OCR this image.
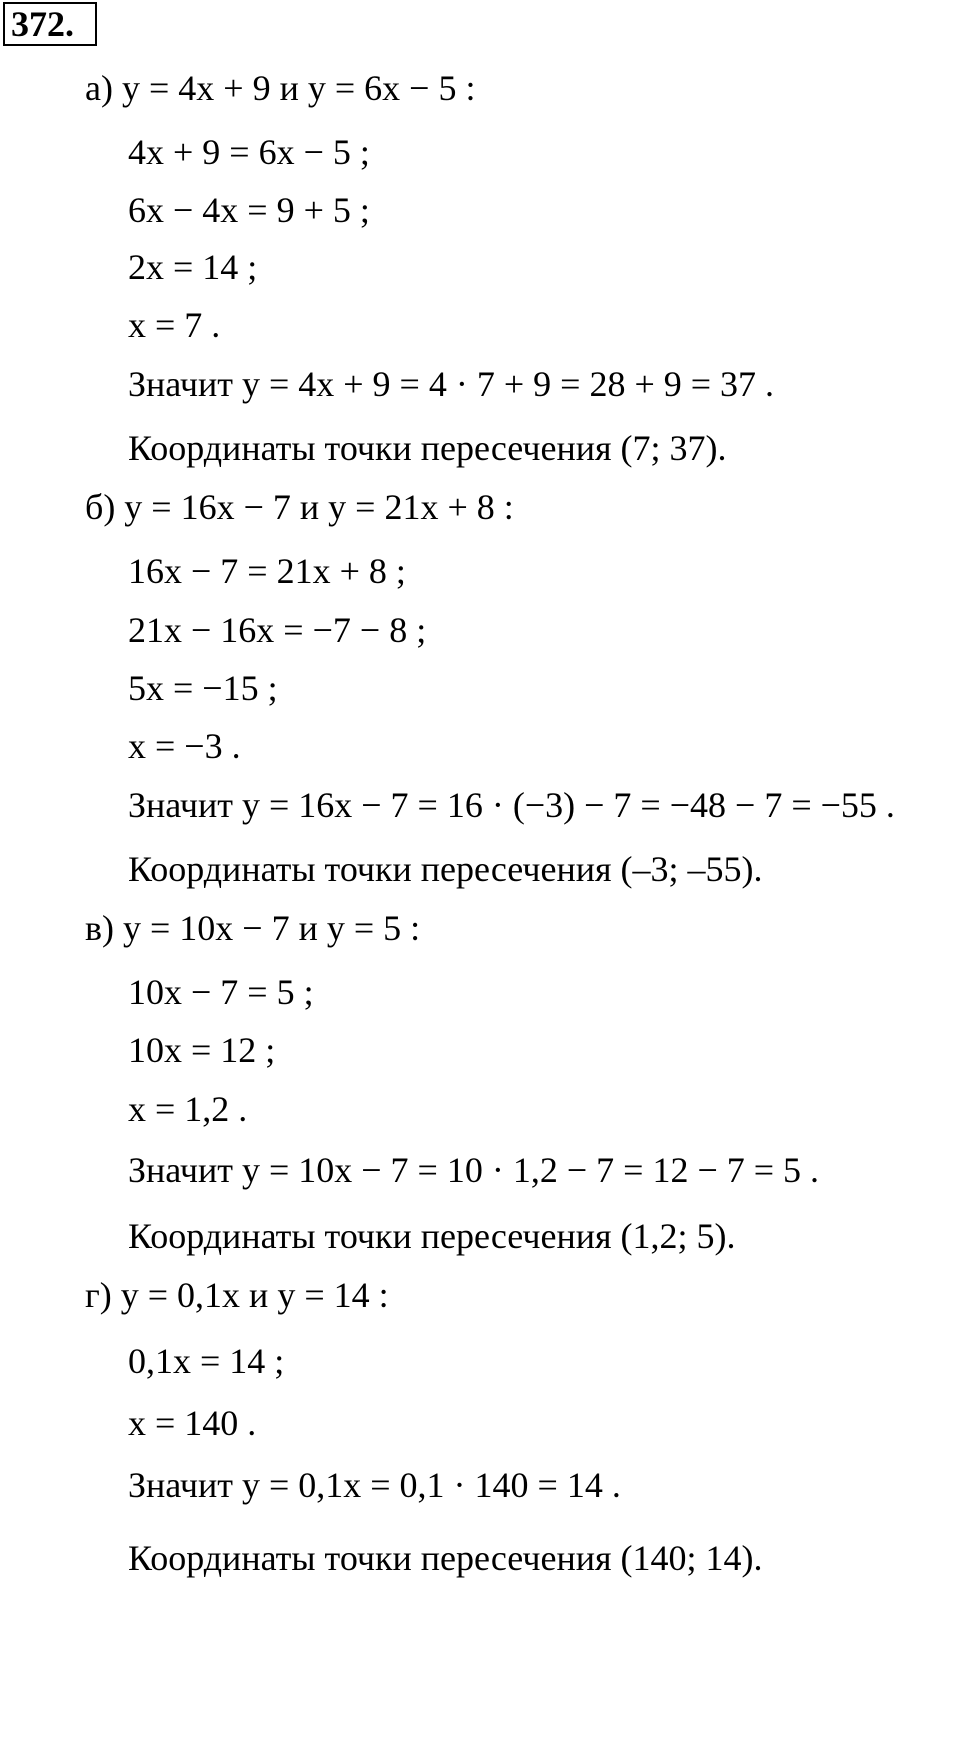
372.
а) y = 4x + 9 и y = 6x − 5 :
4x + 9 = 6x − 5 ;
6x − 4x = 9 + 5 ;
2x = 14 ;
x = 7 .
Значит y = 4x + 9 = 4 · 7 + 9 = 28 + 9 = 37 .
Координаты точки пересечения (7; 37).
б) y = 16x − 7 и y = 21x + 8 :
16x − 7 = 21x + 8 ;
21x − 16x = −7 − 8 ;
5x = −15 ;
x = −3 .
Значит y = 16x − 7 = 16 · (−3) − 7 = −48 − 7 = −55 .
Координаты точки пересечения (–3; –55).
в) y = 10x − 7 и y = 5 :
10x − 7 = 5 ;
10x = 12 ;
x = 1,2 .
Значит y = 10x − 7 = 10 · 1,2 − 7 = 12 − 7 = 5 .
Координаты точки пересечения (1,2; 5).
г) y = 0,1x и y = 14 :
0,1x = 14 ;
x = 140 .
Значит y = 0,1x = 0,1 · 140 = 14 .
Координаты точки пересечения (140; 14).
